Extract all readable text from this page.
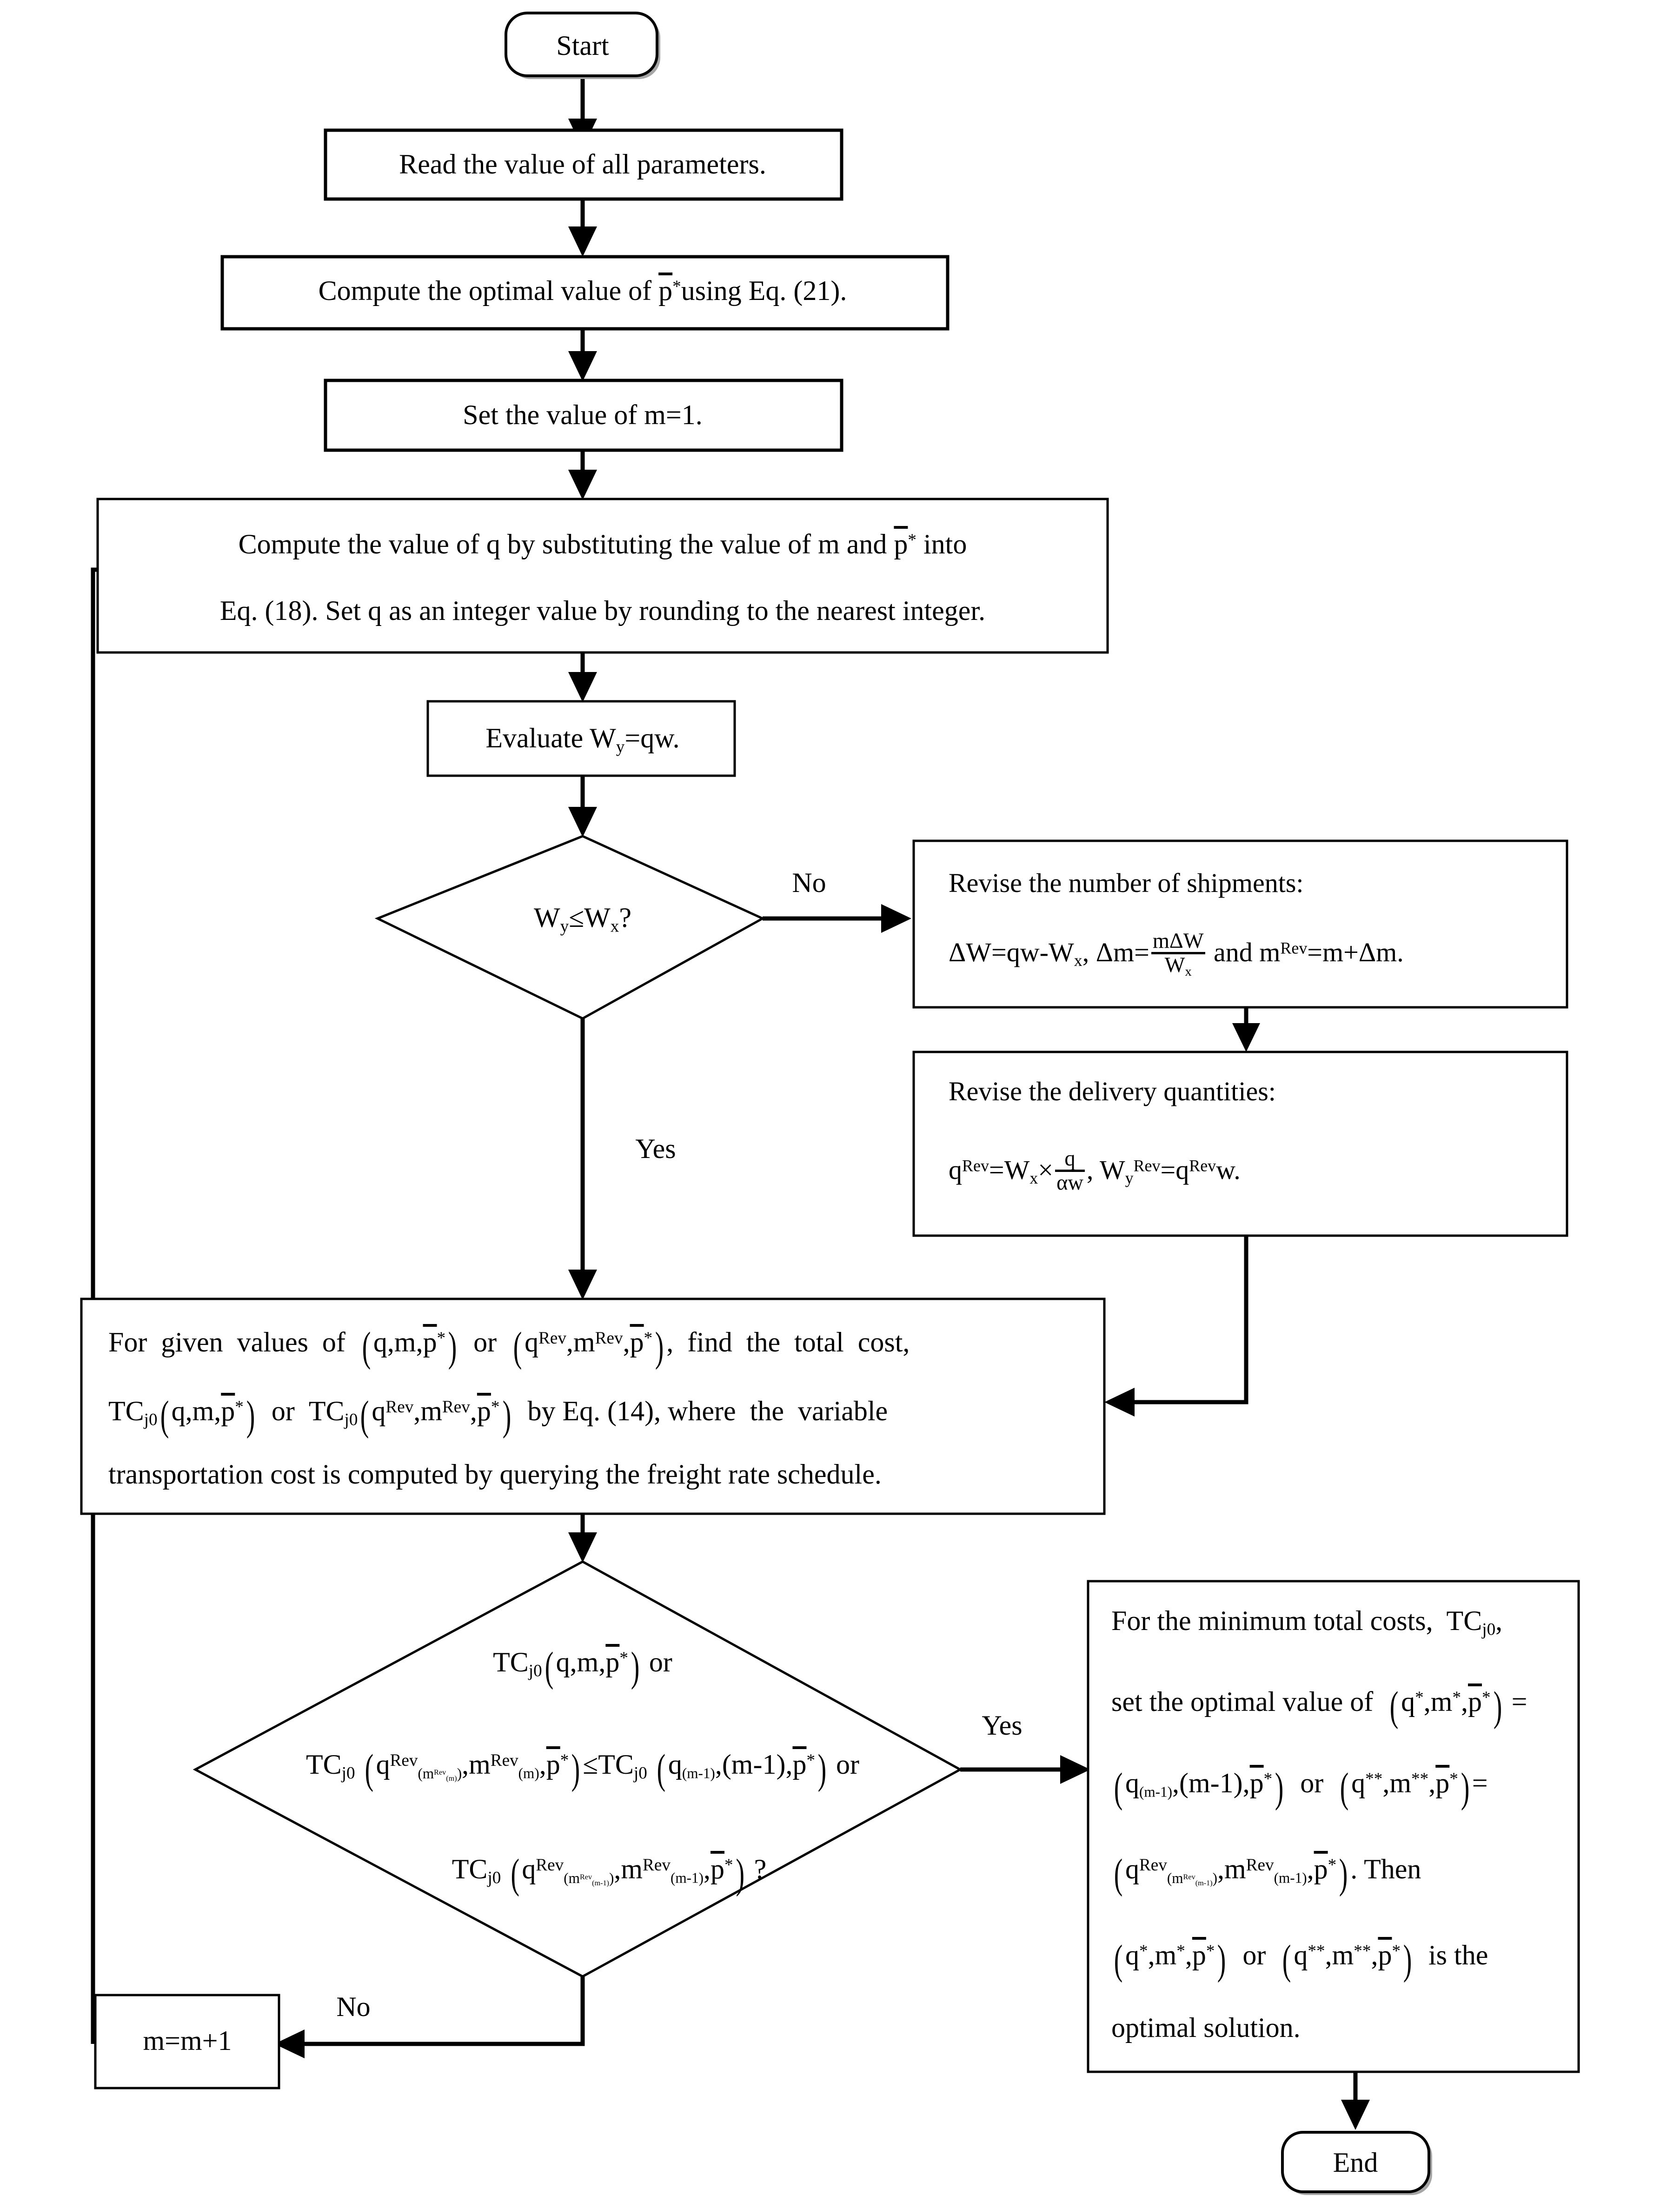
Start
Read the value of all parameters.
Compute the optimal value of $\overline{p}^*using$ Eq. (21).
Set the value of m=1.
Compute the value of q by substituting the value of m and $\overline{p}^*$ into
Eq. (18). Set q as an integer value by rounding to the nearest integer.
Evaluate $W_y=qw$.
$W_y\le W_x$?
No
Yes
Revise the number of shipments:
$\Delta W=qw-W_x$, $\Delta m= \frac{\text{mΔW}}{W_x}$ and $m^{Rev}=m+\Delta m$.
Revise the delivery quantities:
$q^{Rev}=W_x\times \frac{q}{\alpha w}$ , $W_y^{Rev}=q^{Rev}w$.
For  given  values  of  $(q,m,\overline{p}^*)$  or  $(q^{Rev},m^{Rev},\overline{p}^*)$,  find  the  total  cost,
$TC_{j0}(q,m,\overline{p}^*)$  or  $TC_{j0}(q^{Rev},m^{Rev},\overline{p}^*)$  by Eq. (14), where  the  variable
transportation cost is computed by querying the freight rate schedule.
$TC_{j0}(q,m,\overline{p}^*)$ or
$TC_{j0}$ $(q^{Rev}_{(m^{Rev}_{(m)})},m^{Rev}_{(m)},\overline{p}^*)\le TC_{j0}$ $(q_{(m-1)},(m-1),\overline{p}^*)$ or
$TC_{j0}$ $(q^{Rev}_{(m^{Rev}_{(m-1)})},m^{Rev}_{(m-1)},\overline{p}^*)$ ?
Yes
No
m=m+1
For the minimum total costs,  $TC_{j0}$,
set the optimal value of  $(q^*,m^*,\overline{p}^*)$ =
$(q_{(m-1)},(m-1),\overline{p}^*)$  or  $(q^{**},m^{**},\overline{p}^*)=$
$(q^{Rev}_{(m^{Rev}_{(m-1)})},m^{Rev}_{(m-1)},\overline{p}^*)$. Then
$(q^*,m^*,\overline{p}^*)$  or  $(q^{**},m^{**},\overline{p}^*)$  is the
optimal solution.
End
